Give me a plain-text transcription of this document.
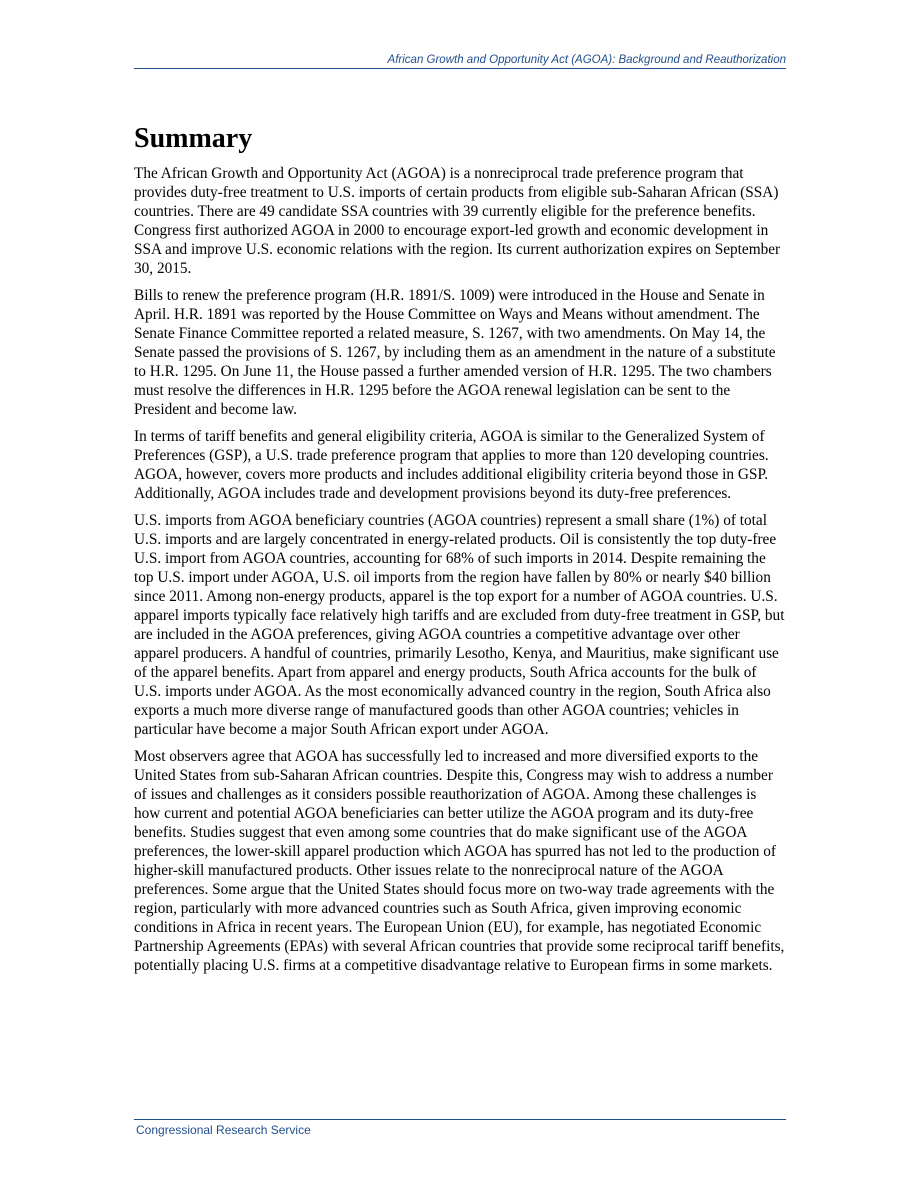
African Growth and Opportunity Act (AGOA): Background and Reauthorization
Summary

The African Growth and Opportunity Act (AGOA) is a nonreciprocal trade preference program that provides duty-free treatment to U.S. imports of certain products from eligible sub-Saharan African (SSA) countries. There are 49 candidate SSA countries with 39 currently eligible for the preference benefits. Congress first authorized AGOA in 2000 to encourage export-led growth and economic development in SSA and improve U.S. economic relations with the region. Its current authorization expires on September 30, 2015.

Bills to renew the preference program (H.R. 1891/S. 1009) were introduced in the House and Senate in April. H.R. 1891 was reported by the House Committee on Ways and Means without amendment. The Senate Finance Committee reported a related measure, S. 1267, with two amendments. On May 14, the Senate passed the provisions of S. 1267, by including them as an amendment in the nature of a substitute to H.R. 1295. On June 11, the House passed a further amended version of H.R. 1295. The two chambers must resolve the differences in H.R. 1295 before the AGOA renewal legislation can be sent to the President and become law.

In terms of tariff benefits and general eligibility criteria, AGOA is similar to the Generalized System of Preferences (GSP), a U.S. trade preference program that applies to more than 120 developing countries. AGOA, however, covers more products and includes additional eligibility criteria beyond those in GSP. Additionally, AGOA includes trade and development provisions beyond its duty-free preferences.

U.S. imports from AGOA beneficiary countries (AGOA countries) represent a small share (1%) of total U.S. imports and are largely concentrated in energy-related products. Oil is consistently the top duty-free U.S. import from AGOA countries, accounting for 68% of such imports in 2014. Despite remaining the top U.S. import under AGOA, U.S. oil imports from the region have fallen by 80% or nearly $40 billion since 2011. Among non-energy products, apparel is the top export for a number of AGOA countries. U.S. apparel imports typically face relatively high tariffs and are excluded from duty-free treatment in GSP, but are included in the AGOA preferences, giving AGOA countries a competitive advantage over other apparel producers. A handful of countries, primarily Lesotho, Kenya, and Mauritius, make significant use of the apparel benefits. Apart from apparel and energy products, South Africa accounts for the bulk of U.S. imports under AGOA. As the most economically advanced country in the region, South Africa also exports a much more diverse range of manufactured goods than other AGOA countries; vehicles in particular have become a major South African export under AGOA.

Most observers agree that AGOA has successfully led to increased and more diversified exports to the United States from sub-Saharan African countries. Despite this, Congress may wish to address a number of issues and challenges as it considers possible reauthorization of AGOA. Among these challenges is how current and potential AGOA beneficiaries can better utilize the AGOA program and its duty-free benefits. Studies suggest that even among some countries that do make significant use of the AGOA preferences, the lower-skill apparel production which AGOA has spurred has not led to the production of higher-skill manufactured products. Other issues relate to the nonreciprocal nature of the AGOA preferences. Some argue that the United States should focus more on two-way trade agreements with the region, particularly with more advanced countries such as South Africa, given improving economic conditions in Africa in recent years. The European Union (EU), for example, has negotiated Economic Partnership Agreements (EPAs) with several African countries that provide some reciprocal tariff benefits, potentially placing U.S. firms at a competitive disadvantage relative to European firms in some markets.

Congressional Research Service
